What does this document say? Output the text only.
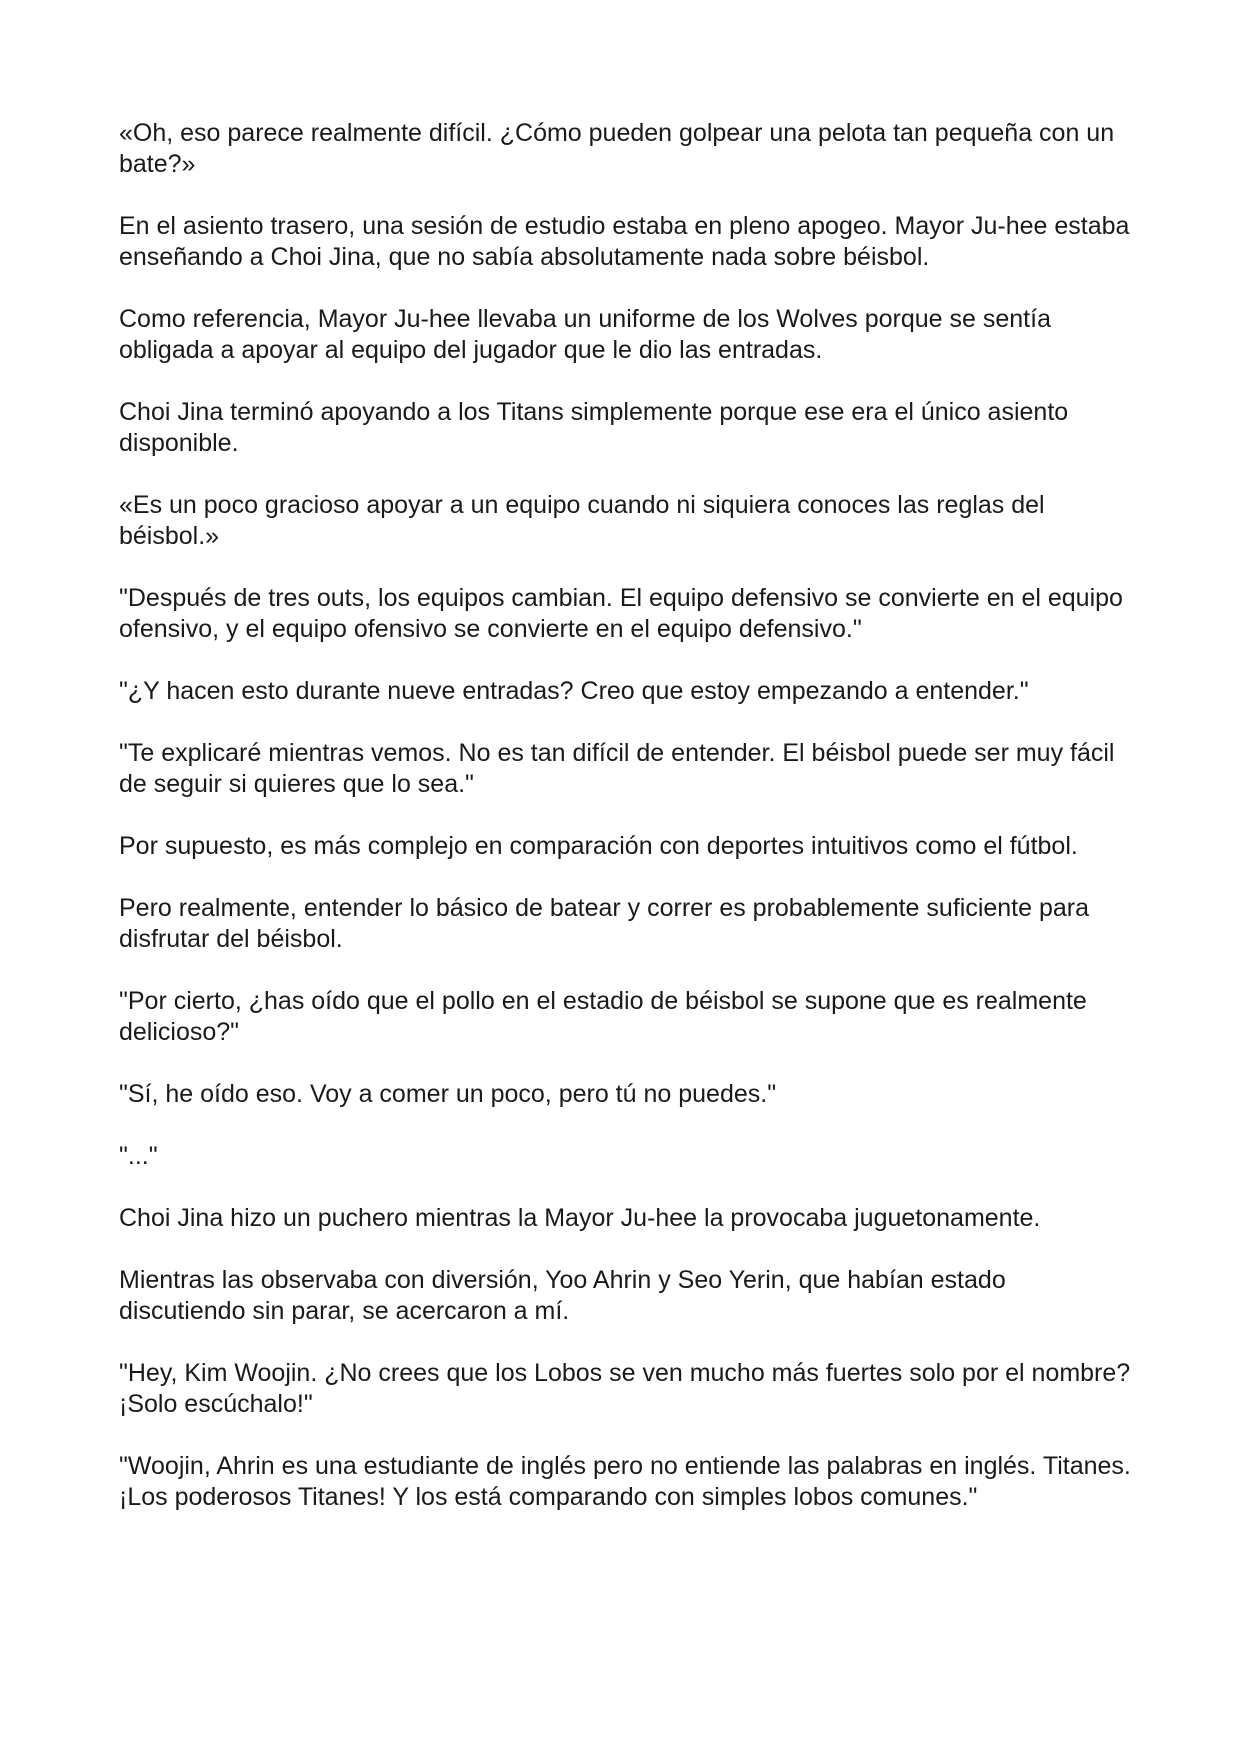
«Oh, eso parece realmente difícil. ¿Cómo pueden golpear una pelota tan pequeña con un bate?»

En el asiento trasero, una sesión de estudio estaba en pleno apogeo. Mayor Ju-hee estaba enseñando a Choi Jina, que no sabía absolutamente nada sobre béisbol.

Como referencia, Mayor Ju-hee llevaba un uniforme de los Wolves porque se sentía obligada a apoyar al equipo del jugador que le dio las entradas.

Choi Jina terminó apoyando a los Titans simplemente porque ese era el único asiento disponible.

«Es un poco gracioso apoyar a un equipo cuando ni siquiera conoces las reglas del béisbol.»

"Después de tres outs, los equipos cambian. El equipo defensivo se convierte en el equipo ofensivo, y el equipo ofensivo se convierte en el equipo defensivo."

"¿Y hacen esto durante nueve entradas? Creo que estoy empezando a entender."

"Te explicaré mientras vemos. No es tan difícil de entender. El béisbol puede ser muy fácil de seguir si quieres que lo sea."

Por supuesto, es más complejo en comparación con deportes intuitivos como el fútbol.

Pero realmente, entender lo básico de batear y correr es probablemente suficiente para disfrutar del béisbol.

"Por cierto, ¿has oído que el pollo en el estadio de béisbol se supone que es realmente delicioso?"

"Sí, he oído eso. Voy a comer un poco, pero tú no puedes."

"..."

Choi Jina hizo un puchero mientras la Mayor Ju-hee la provocaba juguetonamente.

Mientras las observaba con diversión, Yoo Ahrin y Seo Yerin, que habían estado discutiendo sin parar, se acercaron a mí.

"Hey, Kim Woojin. ¿No crees que los Lobos se ven mucho más fuertes solo por el nombre? ¡Solo escúchalo!"

"Woojin, Ahrin es una estudiante de inglés pero no entiende las palabras en inglés. Titanes. ¡Los poderosos Titanes! Y los está comparando con simples lobos comunes."
